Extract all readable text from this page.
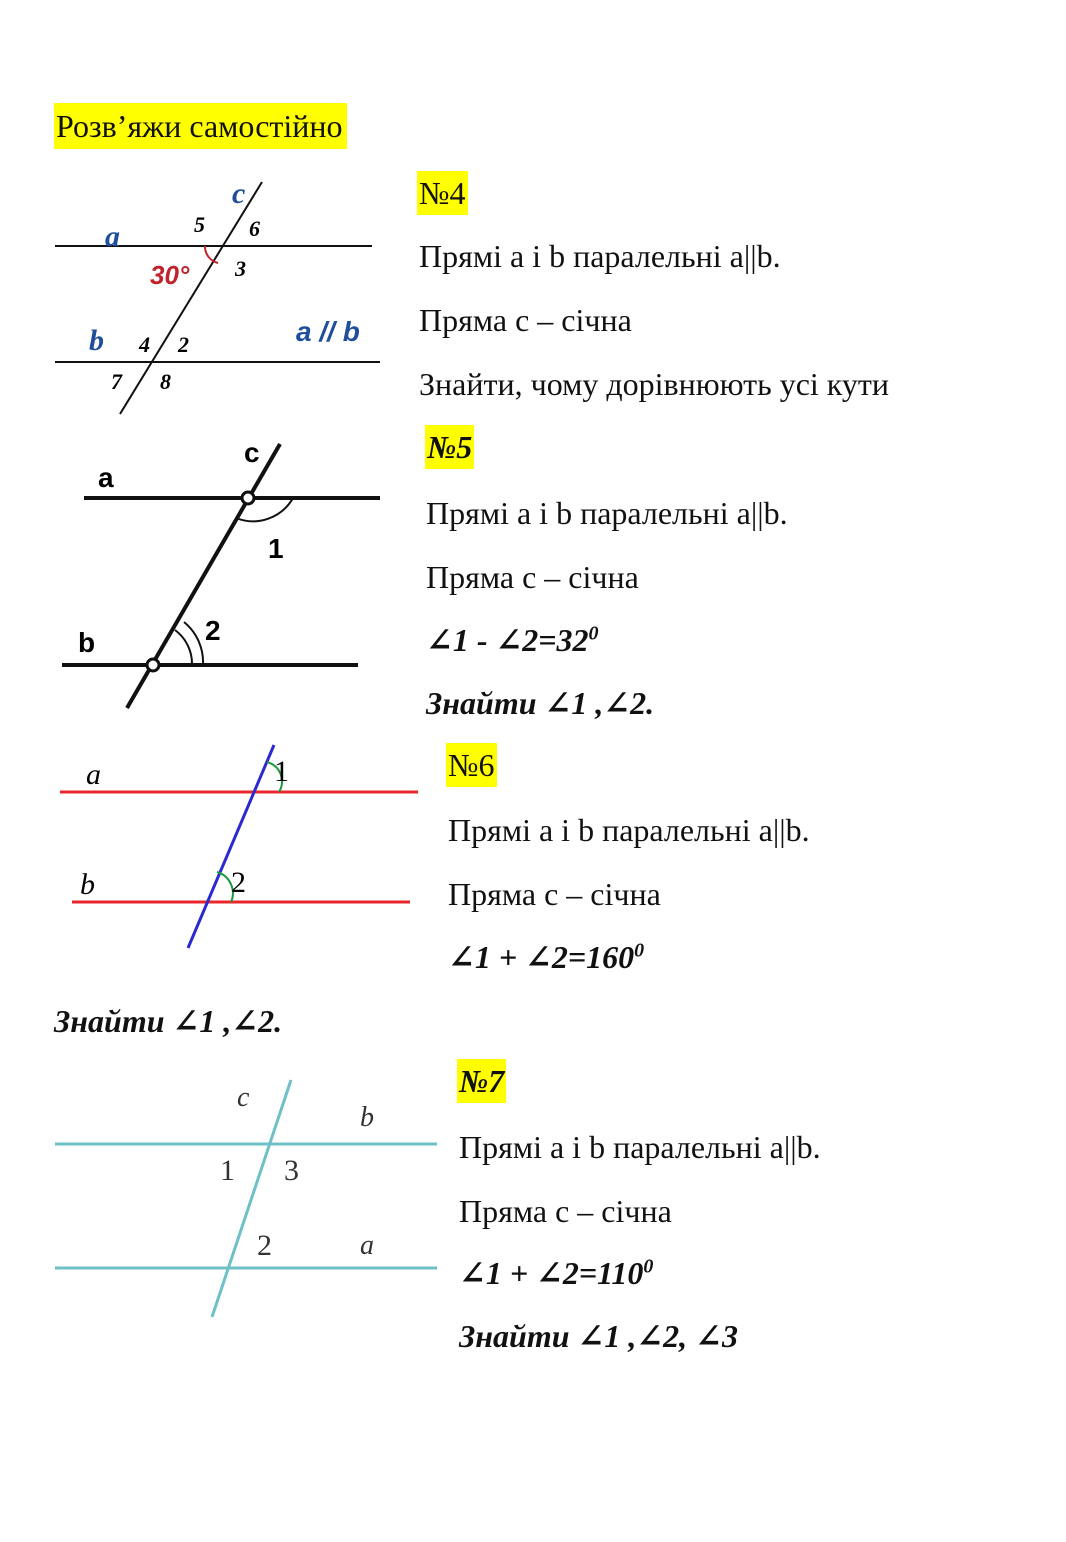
Розв’яжи самостійно
№4
Прямі a і b паралельні a||b.
Пряма c – січна
Знайти, чому дорівнюють усі кути
c
a
b	a // b
30°
5 6
3
4 2
7 8
№5
Прямі a і b паралельні a||b.
Пряма c – січна
∠1 - $\angle 2=32^0$
Знайти ∠1 ,∠2.
c
a
b
1
2
№6
Прямі a і b паралельні a||b.
Пряма c – січна
∠1 + $\angle 2=160^0$
Знайти ∠1 ,∠2.
a
b
1
2
№7
Прямі a і b паралельні a||b.
Пряма c – січна
∠1 + $\angle 2=110^0$
Знайти ∠1 ,∠2, ∠3
c
b
a
1 3
2
